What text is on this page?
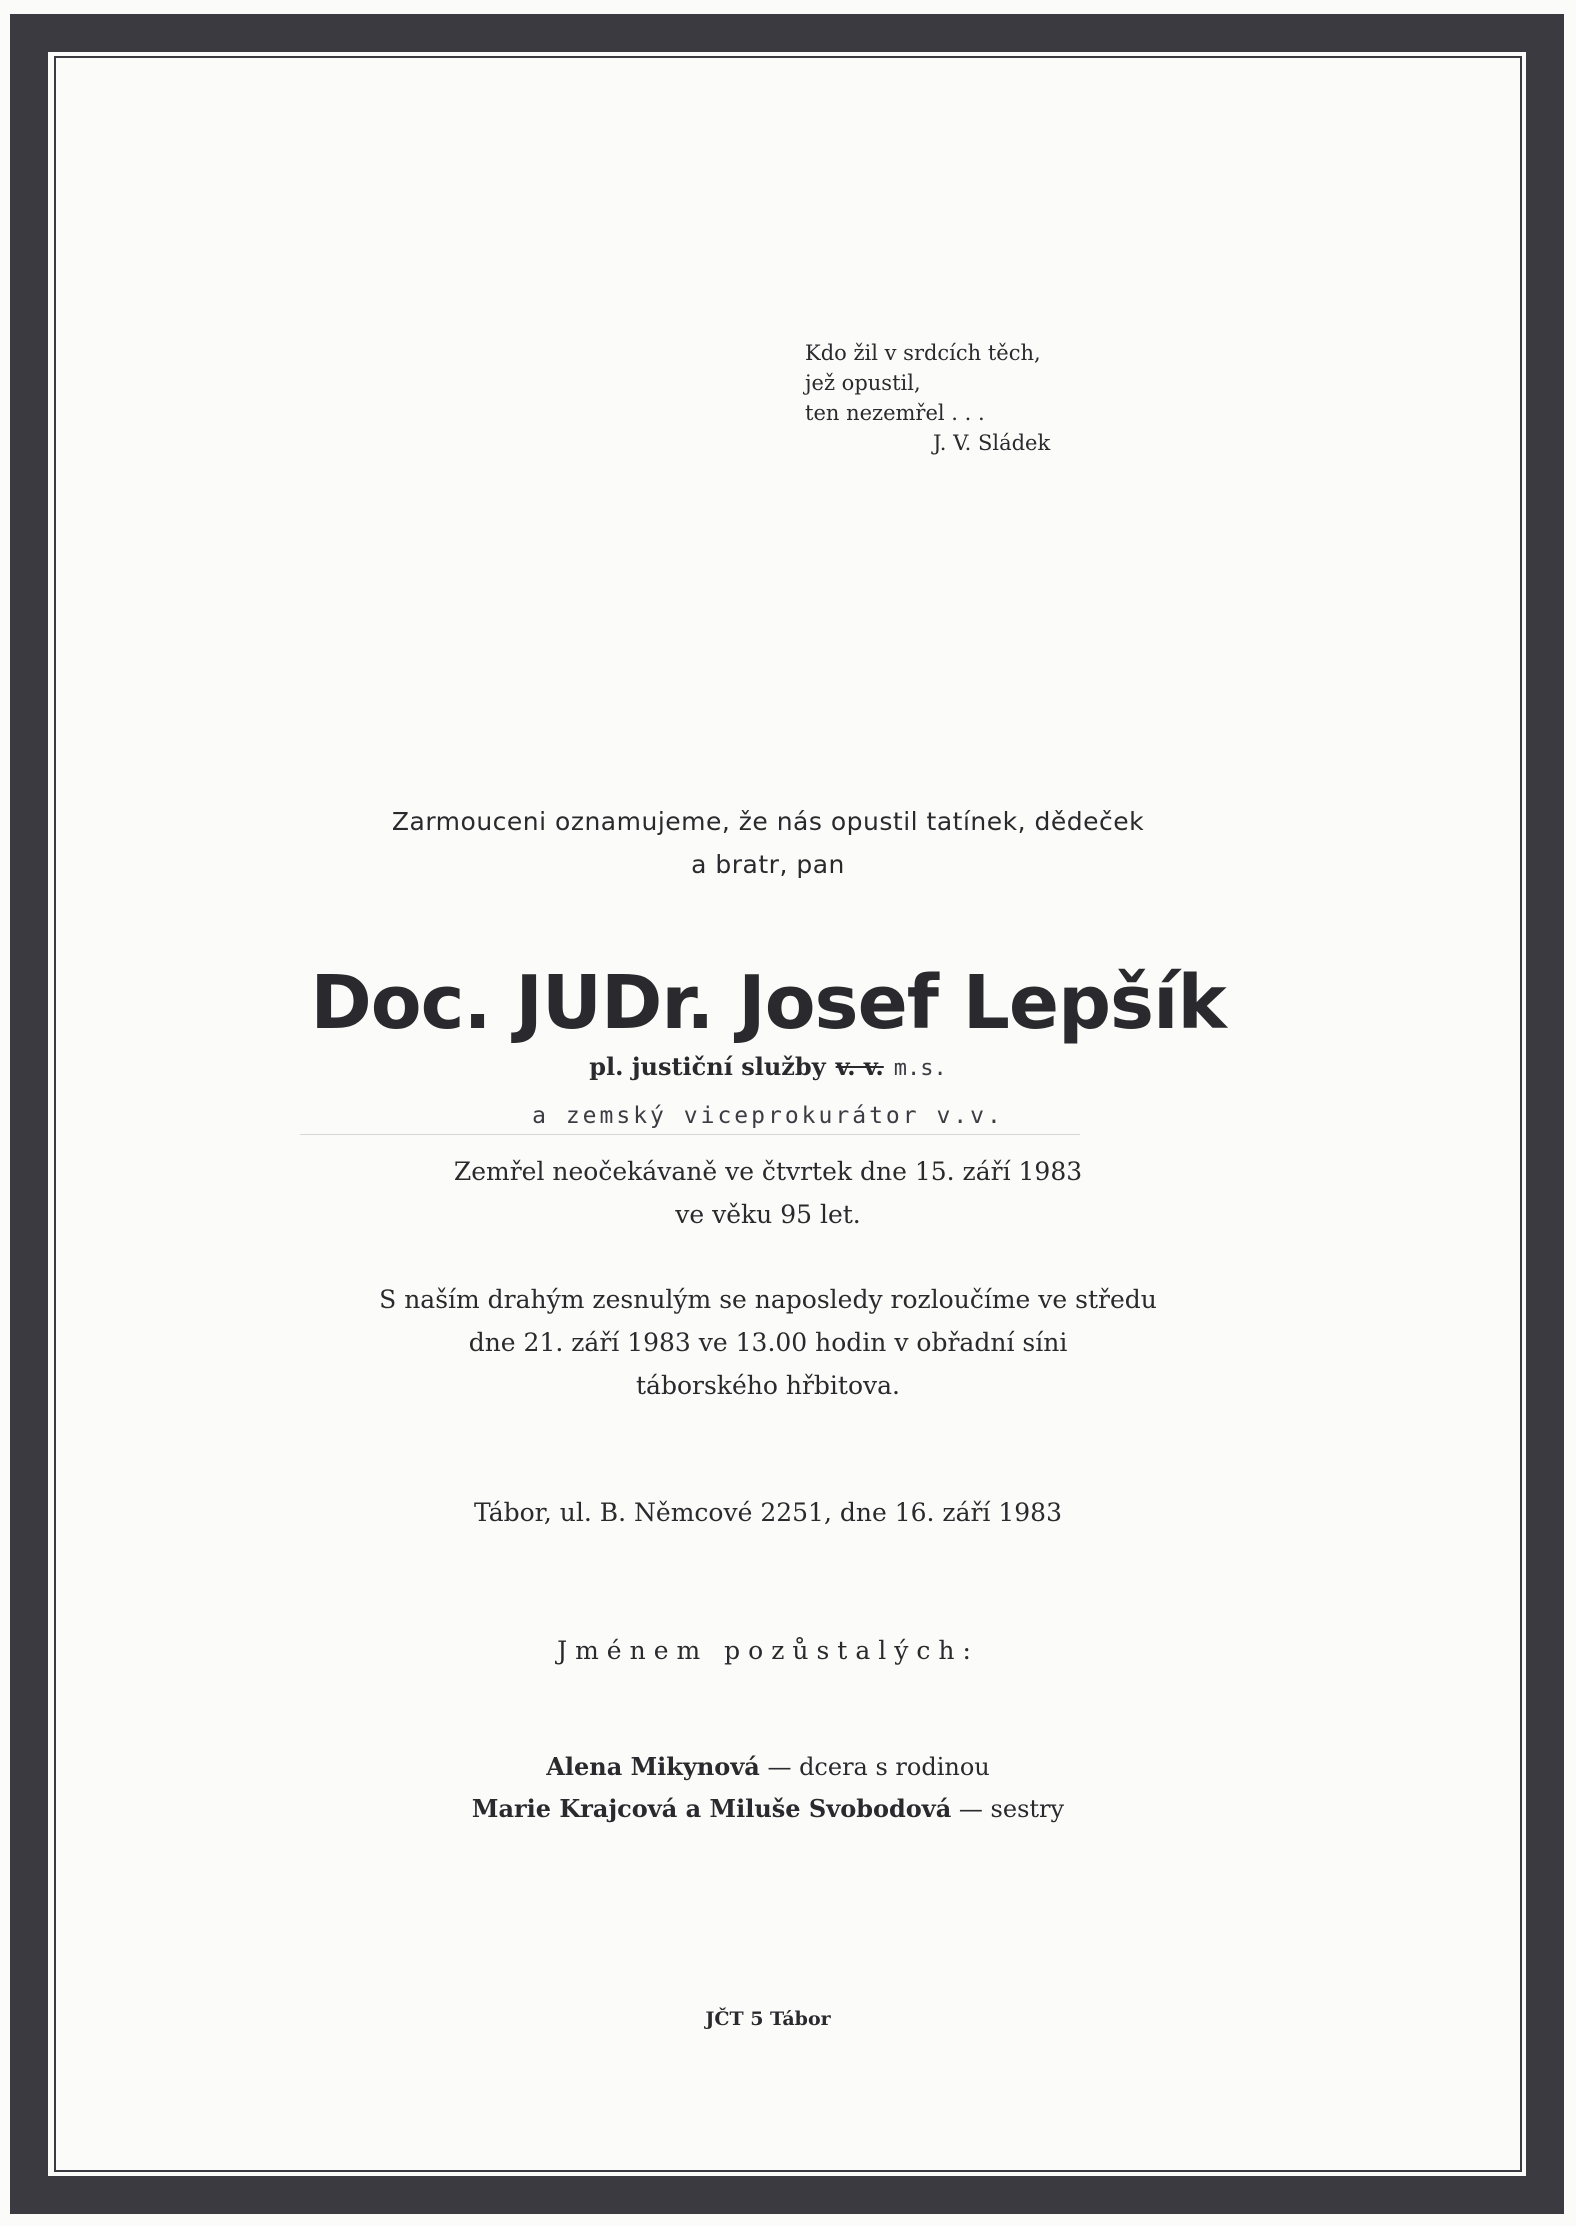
Kdo žil v srdcích těch,
jež opustil,
ten nezemřel . . .
J. V. Sládek
Zarmouceni oznamujeme, že nás opustil tatínek, dědeček
a bratr, pan
Doc. JUDr. Josef Lepšík
pl. justiční služby v. v. m.s.
a zemský viceprokurátor v.v.
Zemřel neočekávaně ve čtvrtek dne 15. září 1983
ve věku 95 let.
S naším drahým zesnulým se naposledy rozloučíme ve středu
dne 21. září 1983 ve 13.00 hodin v obřadní síni
táborského hřbitova.
Tábor, ul. B. Němcové 2251, dne 16. září 1983
Jménem pozůstalých:
Alena Mikynová — dcera s rodinou
Marie Krajcová a Miluše Svobodová — sestry
JČT 5 Tábor
